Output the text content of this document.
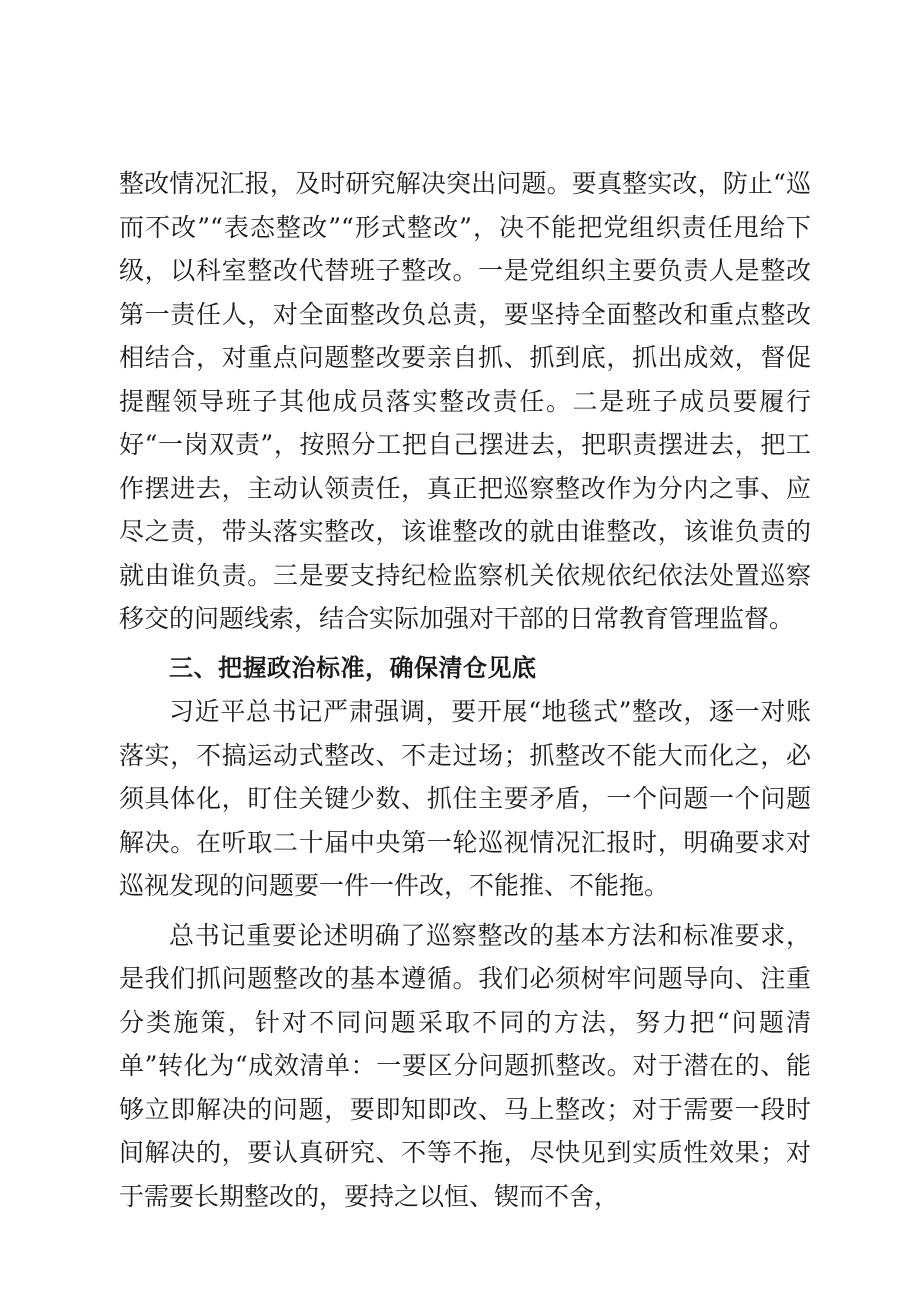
整改情况汇报，及时研究解决突出问题。要真整实改，防止“巡而不改”“表态整改”“形式整改”，决不能把党组织责任甩给下级，以科室整改代替班子整改。一是党组织主要负责人是整改第一责任人，对全面整改负总责，要坚持全面整改和重点整改相结合，对重点问题整改要亲自抓、抓到底，抓出成效，督促提醒领导班子其他成员落实整改责任。二是班子成员要履行好“一岗双责”，按照分工把自己摆进去，把职责摆进去，把工作摆进去，主动认领责任，真正把巡察整改作为分内之事、应尽之责，带头落实整改，该谁整改的就由谁整改，该谁负责的就由谁负责。三是要支持纪检监察机关依规依纪依法处置巡察移交的问题线索，结合实际加强对干部的日常教育管理监督。

三、把握政治标准，确保清仓见底

习近平总书记严肃强调，要开展“地毯式”整改，逐一对账落实，不搞运动式整改、不走过场；抓整改不能大而化之，必须具体化，盯住关键少数、抓住主要矛盾，一个问题一个问题解决。在听取二十届中央第一轮巡视情况汇报时，明确要求对巡视发现的问题要一件一件改，不能推、不能拖。

总书记重要论述明确了巡察整改的基本方法和标准要求，是我们抓问题整改的基本遵循。我们必须树牢问题导向、注重分类施策，针对不同问题采取不同的方法，努力把“问题清单”转化为“成效清单：一要区分问题抓整改。对于潜在的、能够立即解决的问题，要即知即改、马上整改；对于需要一段时间解决的，要认真研究、不等不拖，尽快见到实质性效果；对于需要长期整改的，要持之以恒、锲而不舍，
